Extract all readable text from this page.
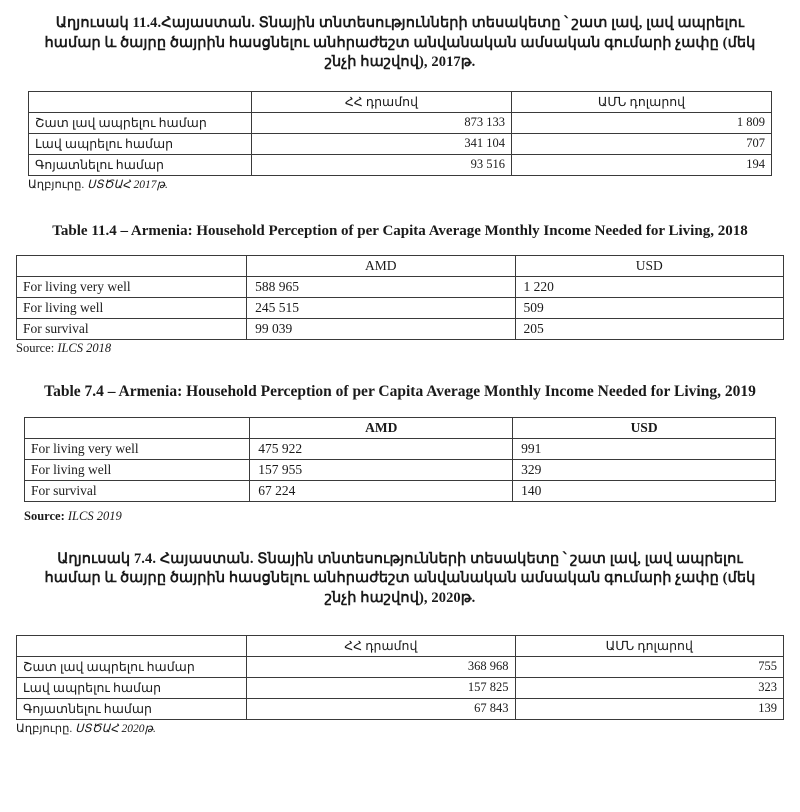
Աղյուսակ 11.4.Հայաստան. Տնային տնտեսությունների տեսակետը ՝ շատ լավ, լավ ապրելու համար և ծայրը ծայրին հասցնելու անհրաժեշտ անվանական ամսական գումարի չափը (մեկ շնչի հաշվով), 2017թ.

	ՀՀ դրամով	ԱՄՆ դոլարով
Շատ լավ ապրելու համար	873 133	1 809
Լավ ապրելու համար	341 104	707
Գոյատնելու համար	93 516	194
Աղբյուրը. ՍՏԾԱՀ 2017թ.

Table 11.4 – Armenia: Household Perception of per Capita Average Monthly Income Needed for Living, 2018

	AMD	USD
For living very well	588 965	1 220
For living well	245 515	509
For survival	99 039	205
Source: ILCS 2018

Table 7.4 – Armenia: Household Perception of per Capita Average Monthly Income Needed for Living, 2019

	AMD	USD
For living very well	475 922	991
For living well	157 955	329
For survival	67 224	140
Source: ILCS 2019

Աղյուսակ 7.4. Հայաստան. Տնային տնտեսությունների տեսակետը ՝ շատ լավ, լավ ապրելու համար և ծայրը ծայրին հասցնելու անհրաժեշտ անվանական ամսական գումարի չափը (մեկ շնչի հաշվով), 2020թ.

	ՀՀ դրամով	ԱՄՆ դոլարով
Շատ լավ ապրելու համար	368 968	755
Լավ ապրելու համար	157 825	323
Գոյատնելու համար	67 843	139
Աղբյուրը. ՍՏԾԱՀ 2020թ.
